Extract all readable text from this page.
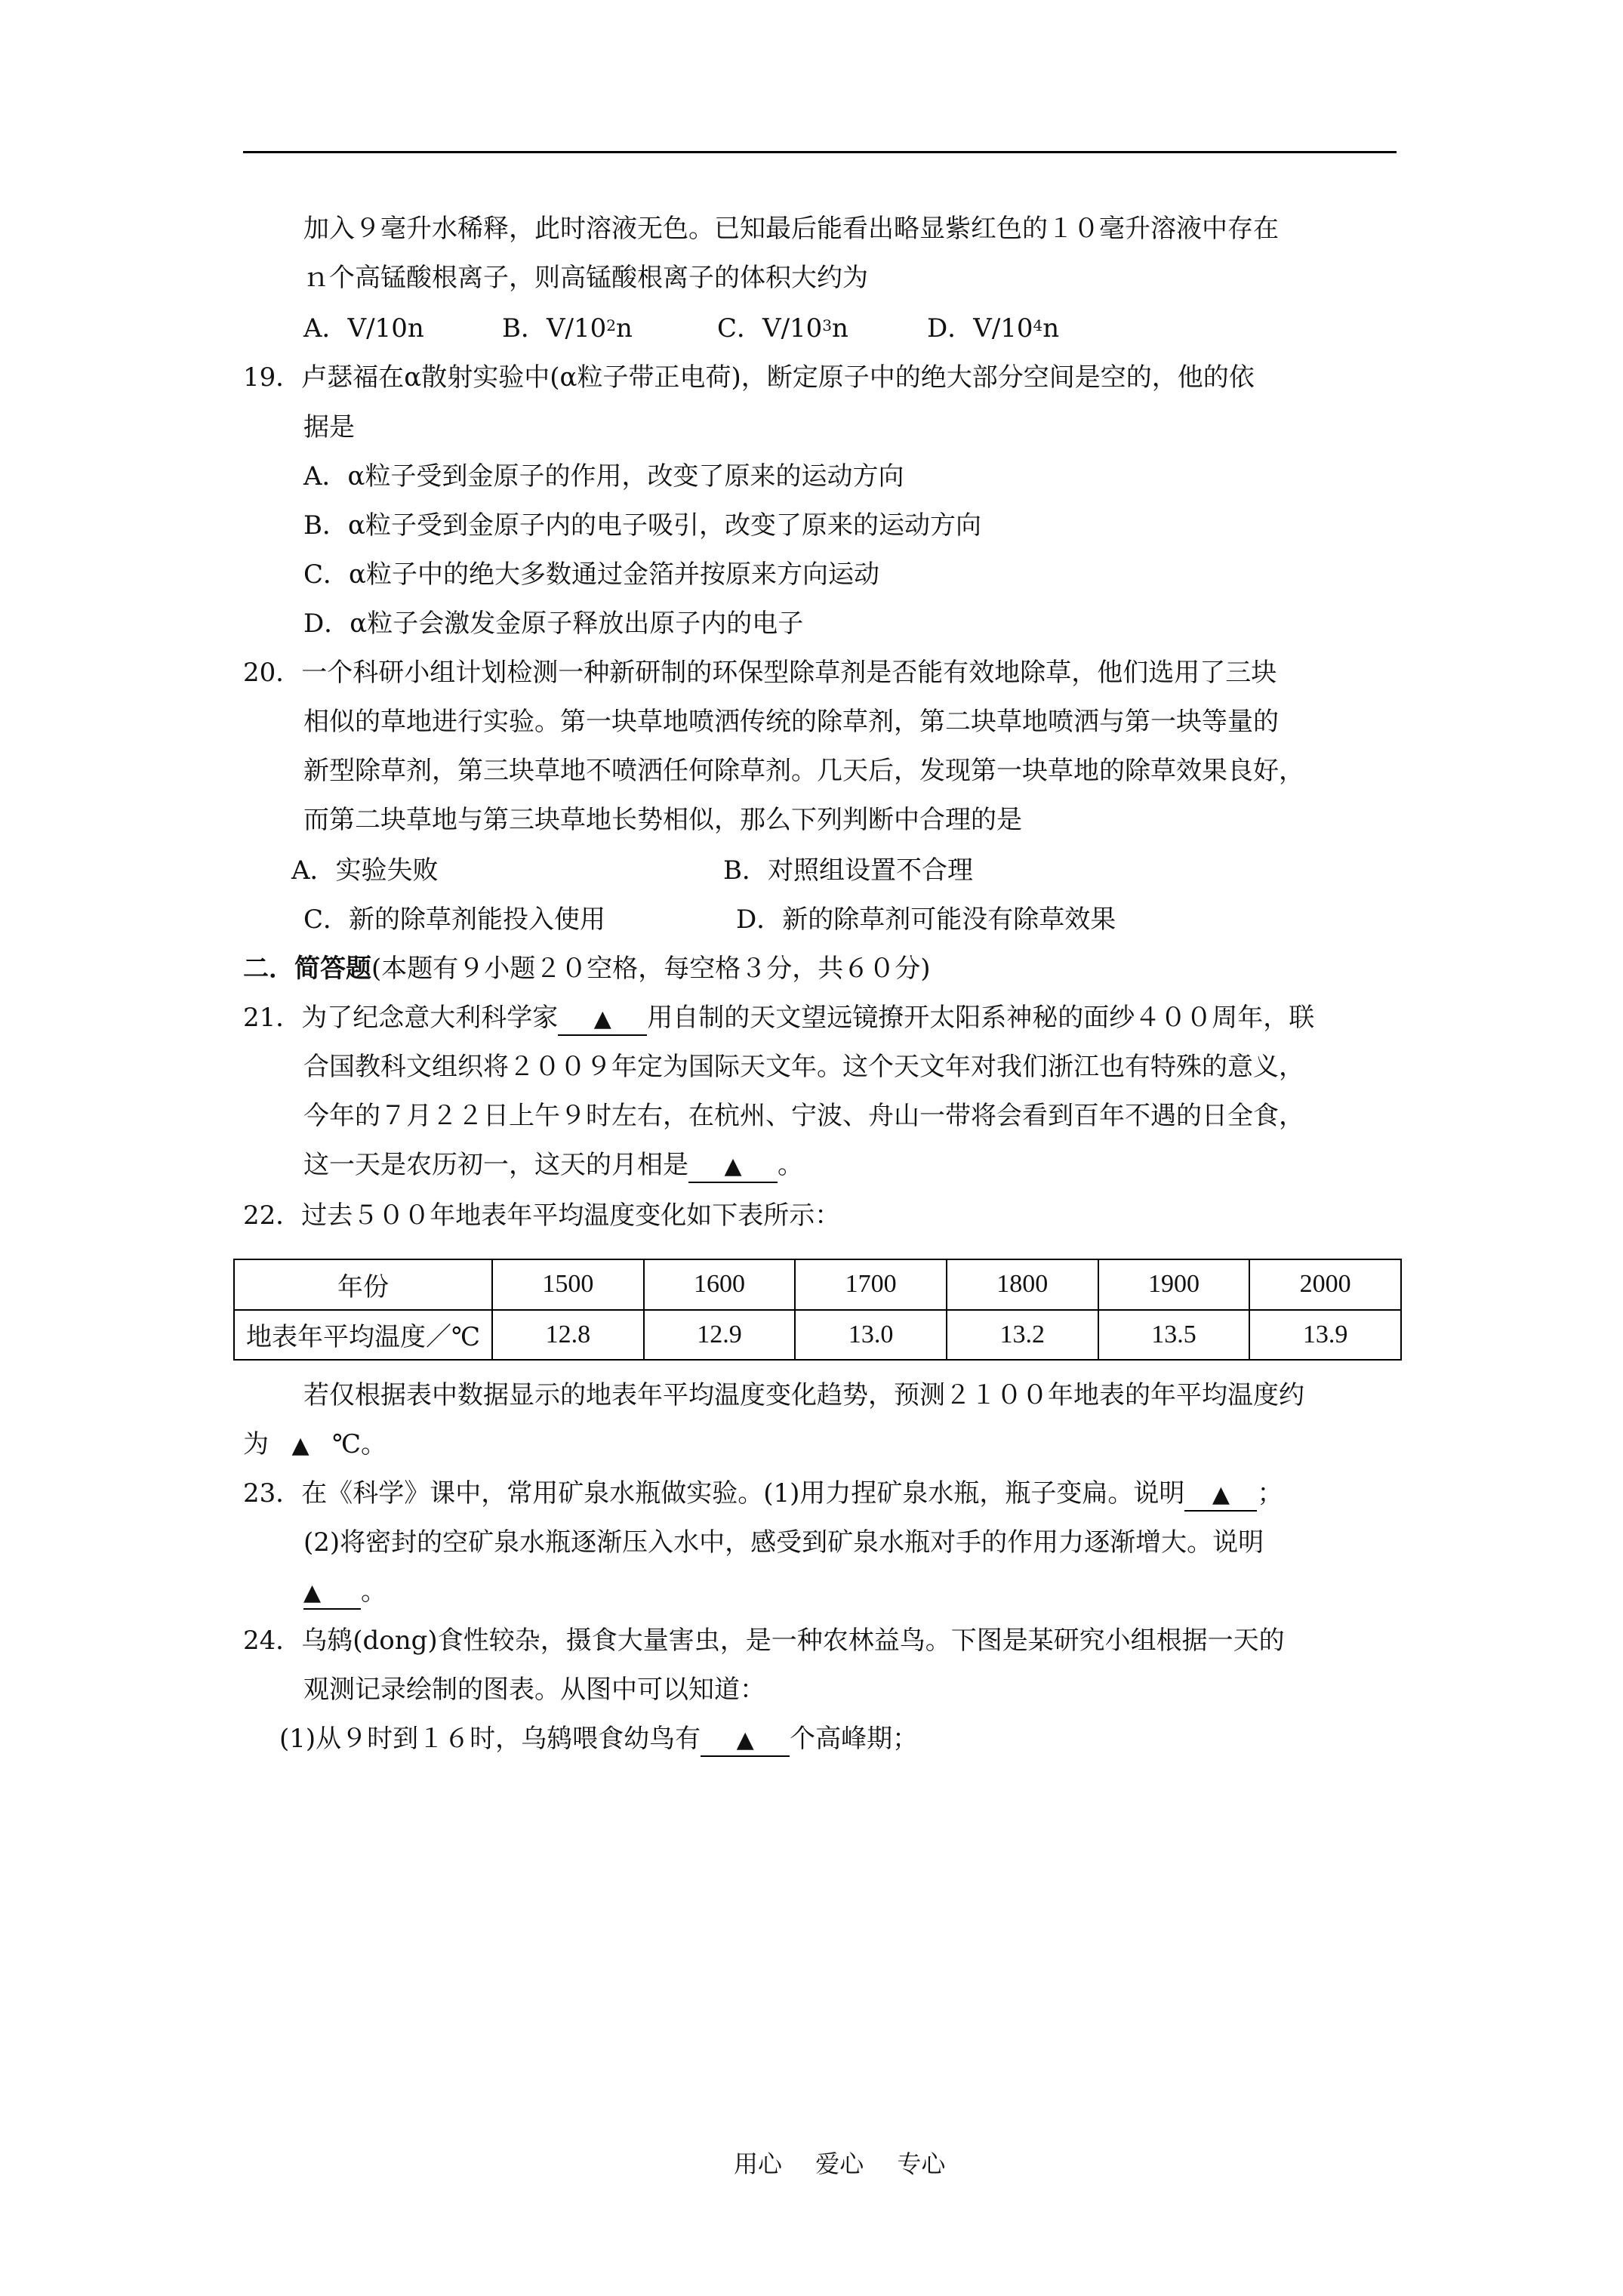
加入９毫升水稀释，此时溶液无色。已知最后能看出略显紫红色的１０毫升溶液中存在
ｎ个高锰酸根离子，则高锰酸根离子的体积大约为
A．V/10n	B．$V/10^2n$	C．$V/10^3n$	D．$V/10^4n$
19．卢瑟福在α散射实验中(α粒子带正电荷)，断定原子中的绝大部分空间是空的，他的依
据是
A．α粒子受到金原子的作用，改变了原来的运动方向
B．α粒子受到金原子内的电子吸引，改变了原来的运动方向
C．α粒子中的绝大多数通过金箔并按原来方向运动
D．α粒子会激发金原子释放出原子内的电子
20．一个科研小组计划检测一种新研制的环保型除草剂是否能有效地除草，他们选用了三块
相似的草地进行实验。第一块草地喷洒传统的除草剂，第二块草地喷洒与第一块等量的
新型除草剂，第三块草地不喷洒任何除草剂。几天后，发现第一块草地的除草效果良好，
而第二块草地与第三块草地长势相似，那么下列判断中合理的是
A．实验失败	B．对照组设置不合理
C．新的除草剂能投入使用	D．新的除草剂可能没有除草效果
二．简答题(本题有９小题２０空格，每空格３分，共６０分)
21．为了纪念意大利科学家 ▲ 用自制的天文望远镜撩开太阳系神秘的面纱４００周年，联
合国教科文组织将２００９年定为国际天文年。这个天文年对我们浙江也有特殊的意义，
今年的７月２２日上午９时左右，在杭州、宁波、舟山一带将会看到百年不遇的日全食，
这一天是农历初一，这天的月相是 ▲ 。
22．过去５００年地表年平均温度变化如下表所示：
年份	1500	1600	1700	1800	1900	2000
地表年平均温度／℃	12.8	12.9	13.0	13.2	13.5	13.9
若仅根据表中数据显示的地表年平均温度变化趋势，预测２１００年地表的年平均温度约
为 ▲ ℃。
23．在《科学》课中，常用矿泉水瓶做实验。(1)用力捏矿泉水瓶，瓶子变扁。说明 ▲ ；
(2)将密封的空矿泉水瓶逐渐压入水中，感受到矿泉水瓶对手的作用力逐渐增大。说明
▲ 。
24．乌鸫(dong)食性较杂，摄食大量害虫，是一种农林益鸟。下图是某研究小组根据一天的
观测记录绘制的图表。从图中可以知道：
(1)从９时到１６时，乌鸫喂食幼鸟有 ▲ 个高峰期；
用心 爱心 专心
